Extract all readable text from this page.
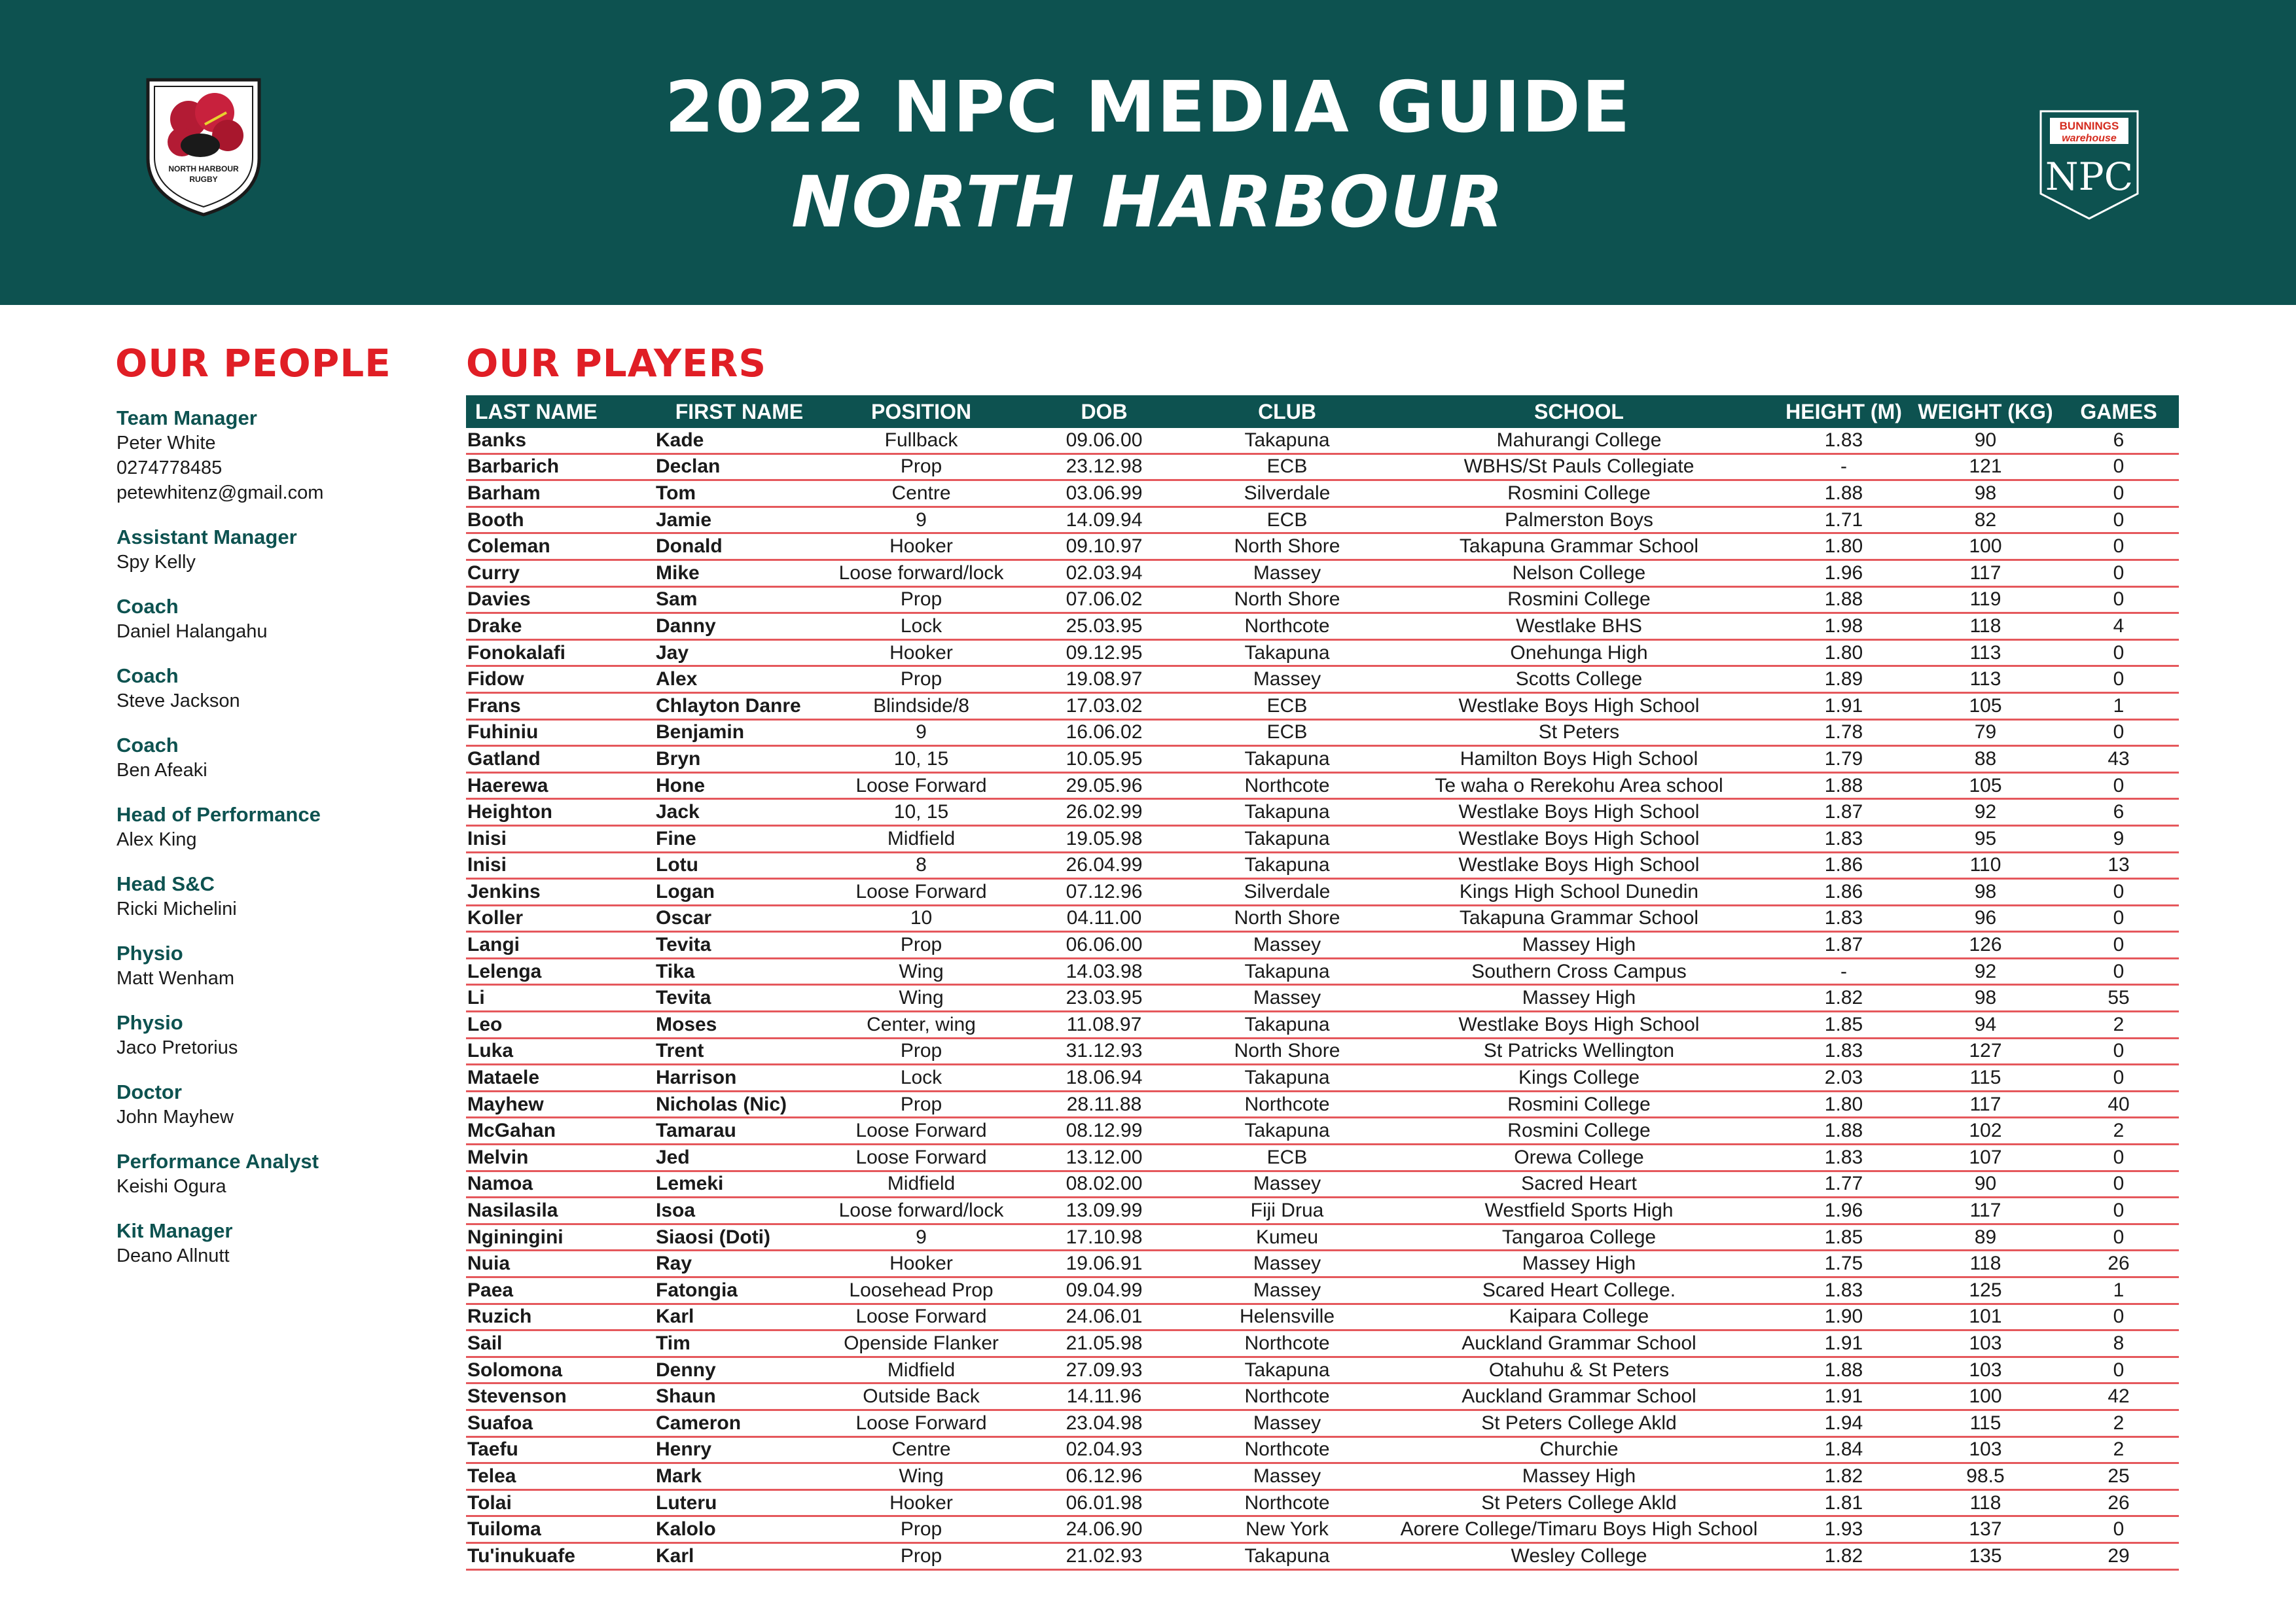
NORTH HARBOUR
RUGBY
BUNNINGS
warehouse
NPC
2022 NPC MEDIA GUIDE
NORTH HARBOUR
OUR PEOPLE OUR PLAYERS
Team Manager
Peter White
0274778485
petewhitenz@gmail.com
Assistant Manager
Spy Kelly
Coach
Daniel Halangahu
Coach
Steve Jackson
Coach
Ben Afeaki
Head of Performance
Alex King
Head S&C
Ricki Michelini
Physio
Matt Wenham
Physio
Jaco Pretorius
Doctor
John Mayhew
Performance Analyst
Keishi Ogura
Kit Manager
Deano Allnutt
LAST NAME	FIRST NAME	POSITION	DOB	CLUB	SCHOOL	HEIGHT (M)	WEIGHT (KG)	GAMES
Banks	Kade	Fullback	09.06.00	Takapuna	Mahurangi College	1.83	90	6
Barbarich	Declan	Prop	23.12.98	ECB	WBHS/St Pauls Collegiate	-	121	0
Barham	Tom	Centre	03.06.99	Silverdale	Rosmini College	1.88	98	0
Booth	Jamie	9	14.09.94	ECB	Palmerston Boys	1.71	82	0
Coleman	Donald	Hooker	09.10.97	North Shore	Takapuna Grammar School	1.80	100	0
Curry	Mike	Loose forward/lock	02.03.94	Massey	Nelson College	1.96	117	0
Davies	Sam	Prop	07.06.02	North Shore	Rosmini College	1.88	119	0
Drake	Danny	Lock	25.03.95	Northcote	Westlake BHS	1.98	118	4
Fonokalafi	Jay	Hooker	09.12.95	Takapuna	Onehunga High	1.80	113	0
Fidow	Alex	Prop	19.08.97	Massey	Scotts College	1.89	113	0
Frans	Chlayton Danre	Blindside/8	17.03.02	ECB	Westlake Boys High School	1.91	105	1
Fuhiniu	Benjamin	9	16.06.02	ECB	St Peters	1.78	79	0
Gatland	Bryn	10, 15	10.05.95	Takapuna	Hamilton Boys High School	1.79	88	43
Haerewa	Hone	Loose Forward	29.05.96	Northcote	Te waha o Rerekohu Area school	1.88	105	0
Heighton	Jack	10, 15	26.02.99	Takapuna	Westlake Boys High School	1.87	92	6
Inisi	Fine	Midfield	19.05.98	Takapuna	Westlake Boys High School	1.83	95	9
Inisi	Lotu	8	26.04.99	Takapuna	Westlake Boys High School	1.86	110	13
Jenkins	Logan	Loose Forward	07.12.96	Silverdale	Kings High School Dunedin	1.86	98	0
Koller	Oscar	10	04.11.00	North Shore	Takapuna Grammar School	1.83	96	0
Langi	Tevita	Prop	06.06.00	Massey	Massey High	1.87	126	0
Lelenga	Tika	Wing	14.03.98	Takapuna	Southern Cross Campus	-	92	0
Li	Tevita	Wing	23.03.95	Massey	Massey High	1.82	98	55
Leo	Moses	Center, wing	11.08.97	Takapuna	Westlake Boys High School	1.85	94	2
Luka	Trent	Prop	31.12.93	North Shore	St Patricks Wellington	1.83	127	0
Mataele	Harrison	Lock	18.06.94	Takapuna	Kings College	2.03	115	0
Mayhew	Nicholas (Nic)	Prop	28.11.88	Northcote	Rosmini College	1.80	117	40
McGahan	Tamarau	Loose Forward	08.12.99	Takapuna	Rosmini College	1.88	102	2
Melvin	Jed	Loose Forward	13.12.00	ECB	Orewa College	1.83	107	0
Namoa	Lemeki	Midfield	08.02.00	Massey	Sacred Heart	1.77	90	0
Nasilasila	Isoa	Loose forward/lock	13.09.99	Fiji Drua	Westfield Sports High	1.96	117	0
Ngininginі	Siaosi (Doti)	9	17.10.98	Kumeu	Tangaroa College	1.85	89	0
Nuia	Ray	Hooker	19.06.91	Massey	Massey High	1.75	118	26
Paea	Fatongia	Loosehead Prop	09.04.99	Massey	Scared Heart College.	1.83	125	1
Ruzich	Karl	Loose Forward	24.06.01	Helensville	Kaipara College	1.90	101	0
Sail	Tim	Openside Flanker	21.05.98	Northcote	Auckland Grammar School	1.91	103	8
Solomona	Denny	Midfield	27.09.93	Takapuna	Otahuhu & St Peters	1.88	103	0
Stevenson	Shaun	Outside Back	14.11.96	Northcote	Auckland Grammar School	1.91	100	42
Suafoa	Cameron	Loose Forward	23.04.98	Massey	St Peters College Akld	1.94	115	2
Taefu	Henry	Centre	02.04.93	Northcote	Churchie	1.84	103	2
Telea	Mark	Wing	06.12.96	Massey	Massey High	1.82	98.5	25
Tolai	Luteru	Hooker	06.01.98	Northcote	St Peters College Akld	1.81	118	26
Tuiloma	Kalolo	Prop	24.06.90	New York	Aorere College/Timaru Boys High School	1.93	137	0
Tu'inukuafe	Karl	Prop	21.02.93	Takapuna	Wesley College	1.82	135	29
